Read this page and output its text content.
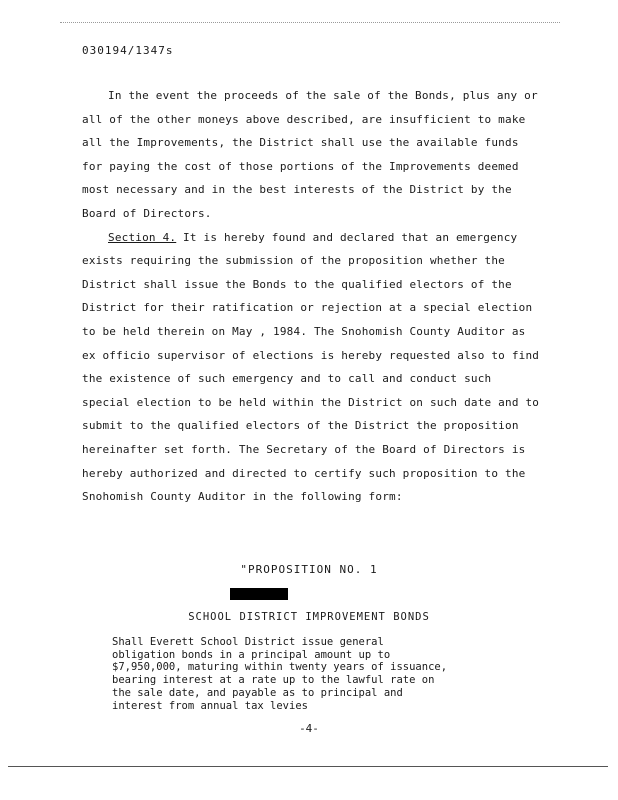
030194/1347s

In the event the proceeds of the sale of the Bonds, plus any or all of the other moneys above described, are insufficient to make all the Improvements, the District shall use the available funds for paying the cost of those portions of the Improvements deemed most necessary and in the best interests of the District by the Board of Directors.

Section 4. It is hereby found and declared that an emergency exists requiring the submission of the proposition whether the District shall issue the Bonds to the qualified electors of the District for their ratification or rejection at a special election to be held therein on May , 1984. The Snohomish County Auditor as ex officio supervisor of elections is hereby requested also to find the existence of such emergency and to call and conduct such special election to be held within the District on such date and to submit to the qualified electors of the District the proposition hereinafter set forth. The Secretary of the Board of Directors is hereby authorized and directed to certify such proposition to the Snohomish County Auditor in the following form:

"PROPOSITION NO. 1
SCHOOL DISTRICT IMPROVEMENT BONDS
Shall Everett School District issue general obligation bonds in a principal amount up to $7,950,000, maturing within twenty years of issuance, bearing interest at a rate up to the lawful rate on the sale date, and payable as to principal and interest from annual tax levies
-4-
